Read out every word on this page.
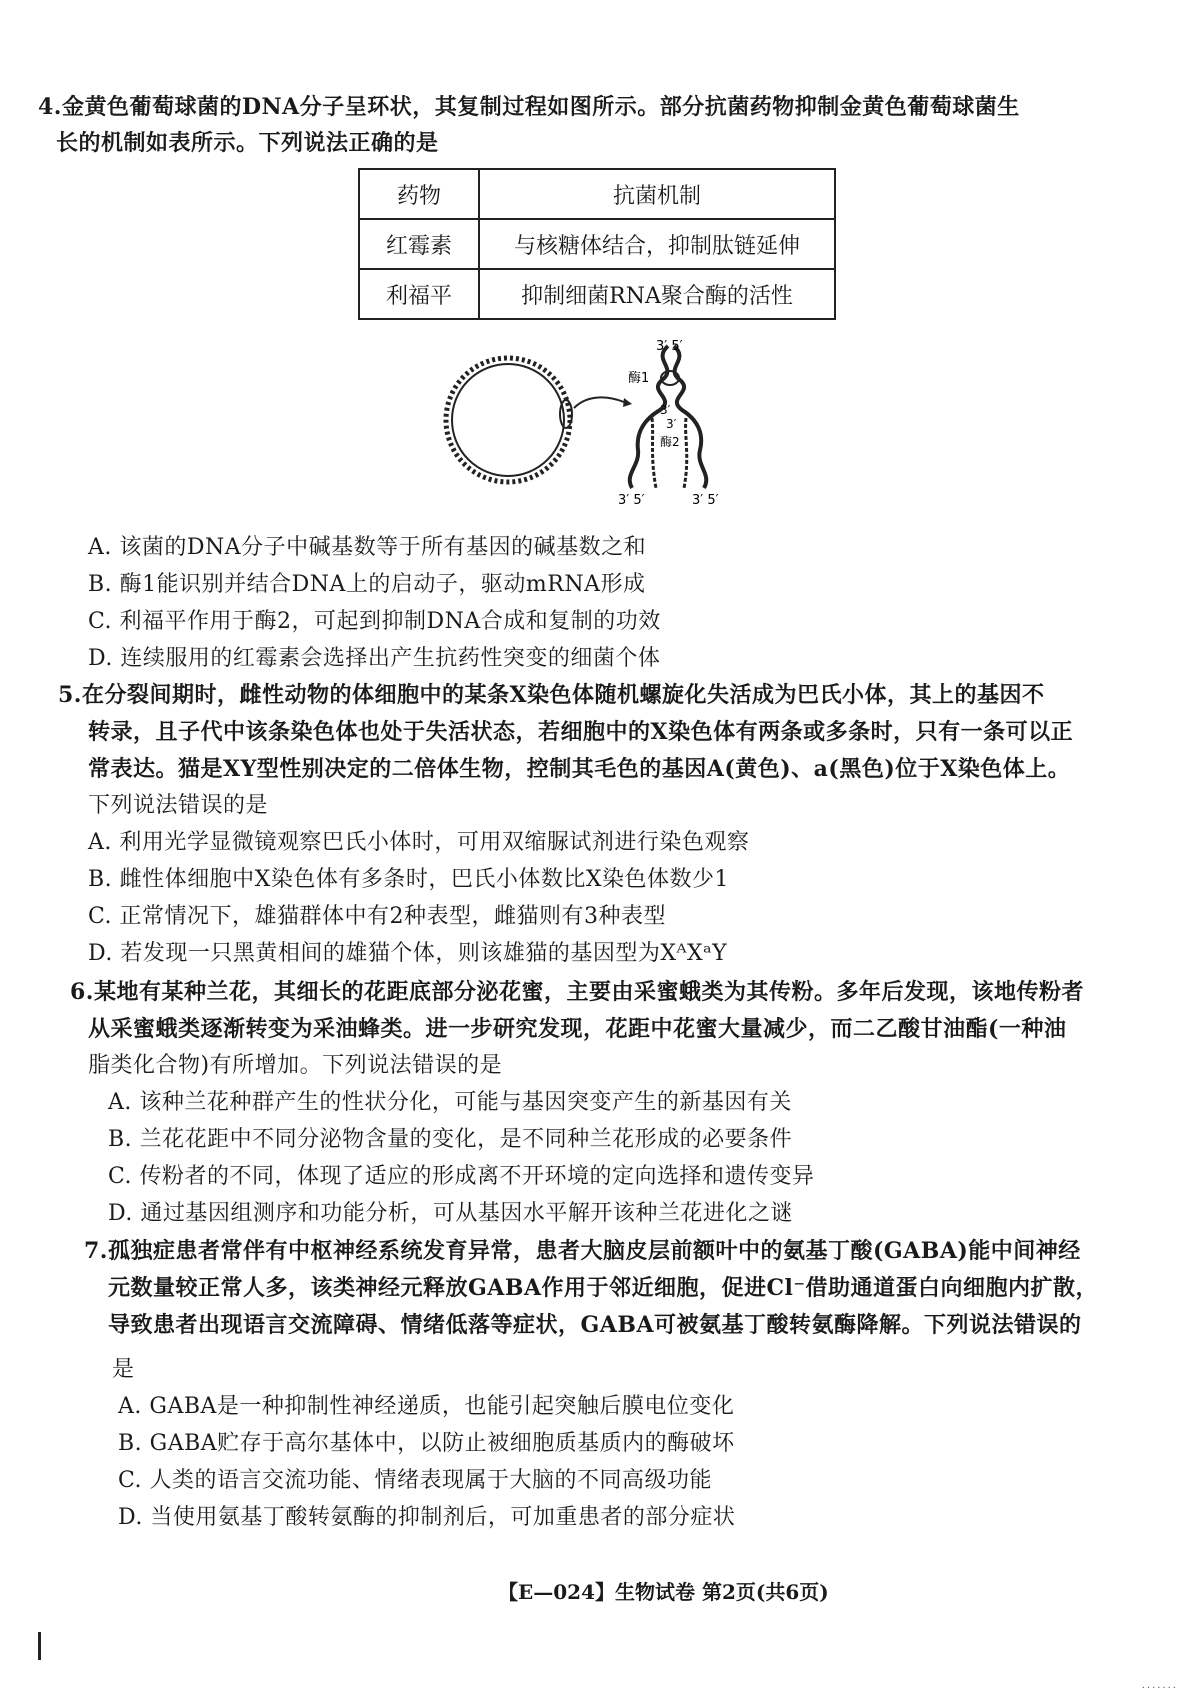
4.金黄色葡萄球菌的DNA分子呈环状，其复制过程如图所示。部分抗菌药物抑制金黄色葡萄球菌生
长的机制如表所示。下列说法正确的是
药物	抗菌机制
红霉素	与核糖体结合，抑制肽链延伸
利福平	抑制细菌RNA聚合酶的活性
3′ 5′
酶1
3′
3′
酶2
3′ 5′	3′ 5′
A. 该菌的DNA分子中碱基数等于所有基因的碱基数之和
B. 酶1能识别并结合DNA上的启动子，驱动mRNA形成
C. 利福平作用于酶2，可起到抑制DNA合成和复制的功效
D. 连续服用的红霉素会选择出产生抗药性突变的细菌个体
5.在分裂间期时，雌性动物的体细胞中的某条X染色体随机螺旋化失活成为巴氏小体，其上的基因不
转录，且子代中该条染色体也处于失活状态，若细胞中的X染色体有两条或多条时，只有一条可以正
常表达。猫是XY型性别决定的二倍体生物，控制其毛色的基因A(黄色)、a(黑色)位于X染色体上。
下列说法错误的是
A. 利用光学显微镜观察巴氏小体时，可用双缩脲试剂进行染色观察
B. 雌性体细胞中X染色体有多条时，巴氏小体数比X染色体数少1
C. 正常情况下，雄猫群体中有2种表型，雌猫则有3种表型
D. 若发现一只黑黄相间的雄猫个体，则该雄猫的基因型为XᴬXᵃY
6.某地有某种兰花，其细长的花距底部分泌花蜜，主要由采蜜蛾类为其传粉。多年后发现，该地传粉者
从采蜜蛾类逐渐转变为采油蜂类。进一步研究发现，花距中花蜜大量减少，而二乙酸甘油酯(一种油
脂类化合物)有所增加。下列说法错误的是
A. 该种兰花种群产生的性状分化，可能与基因突变产生的新基因有关
B. 兰花花距中不同分泌物含量的变化，是不同种兰花形成的必要条件
C. 传粉者的不同，体现了适应的形成离不开环境的定向选择和遗传变异
D. 通过基因组测序和功能分析，可从基因水平解开该种兰花进化之谜
7.孤独症患者常伴有中枢神经系统发育异常，患者大脑皮层前额叶中的氨基丁酸(GABA)能中间神经
元数量较正常人多，该类神经元释放GABA作用于邻近细胞，促进Cl⁻借助通道蛋白向细胞内扩散，
导致患者出现语言交流障碍、情绪低落等症状，GABA可被氨基丁酸转氨酶降解。下列说法错误的
是
A. GABA是一种抑制性神经递质，也能引起突触后膜电位变化
B. GABA贮存于高尔基体中，以防止被细胞质基质内的酶破坏
C. 人类的语言交流功能、情绪表现属于大脑的不同高级功能
D. 当使用氨基丁酸转氨酶的抑制剂后，可加重患者的部分症状
【E—024】生物试卷 第2页(共6页)
.......
